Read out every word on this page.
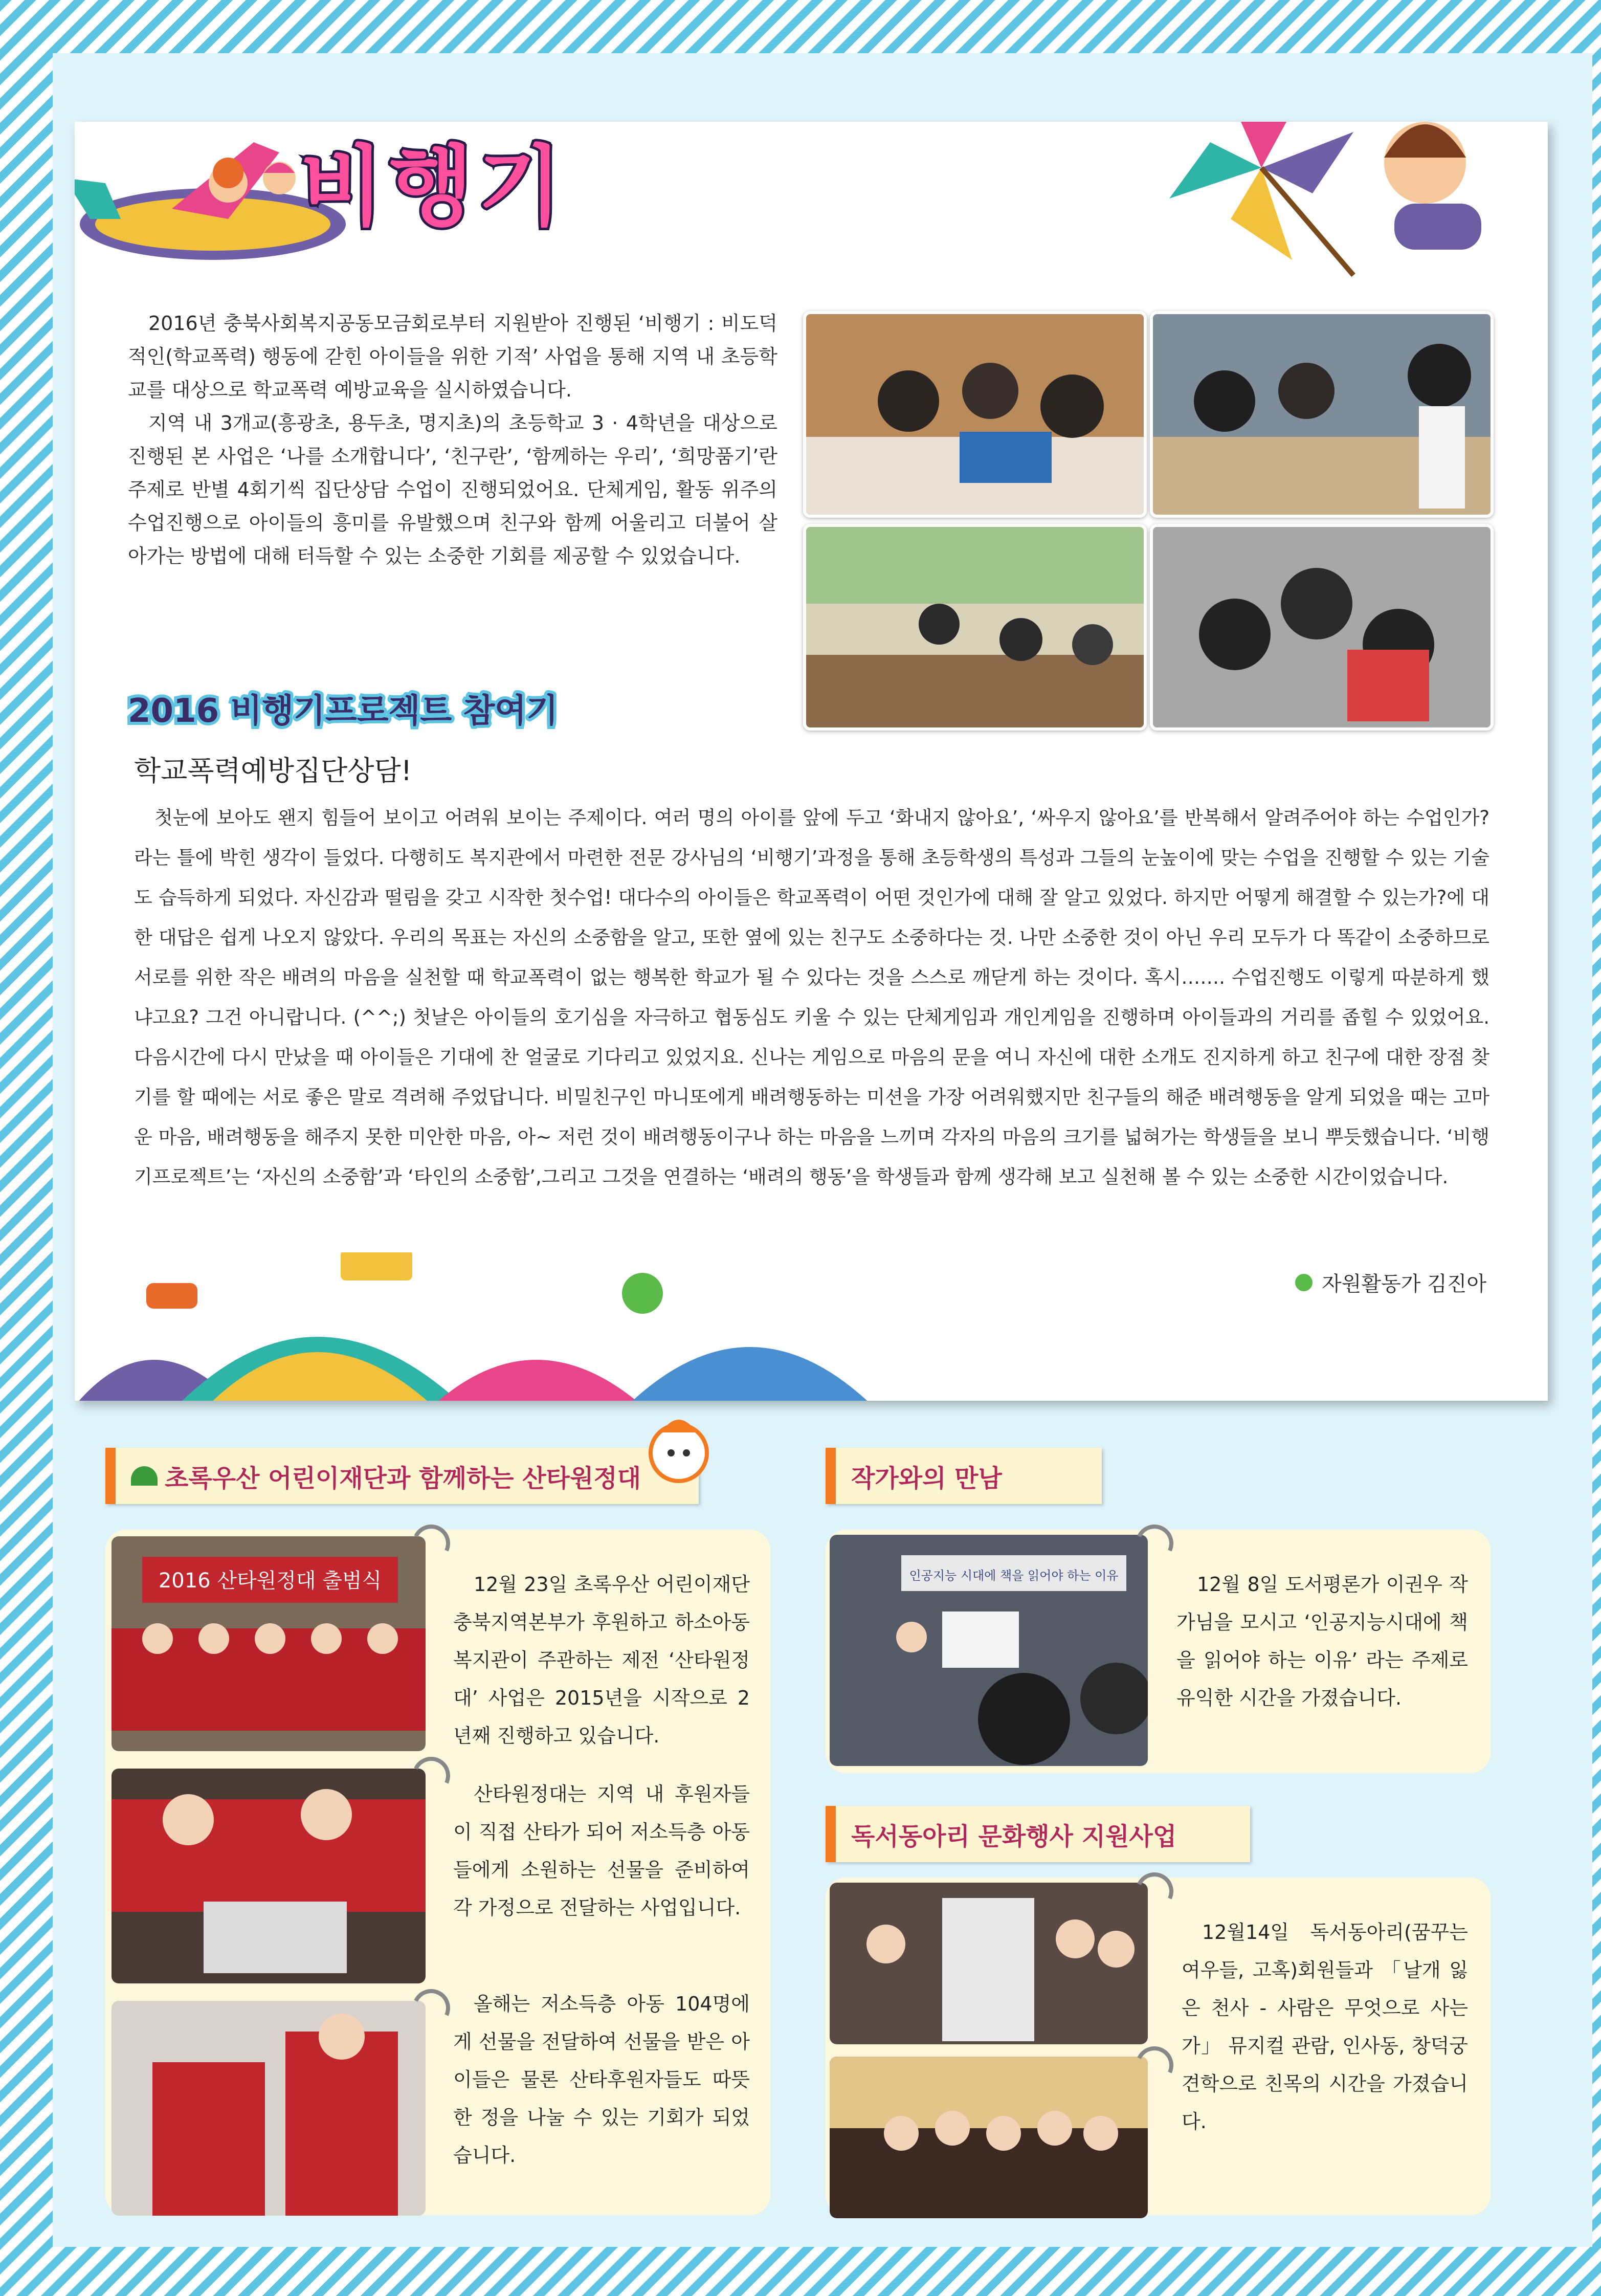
비행기

2016년 충북사회복지공동모금회로부터 지원받아 진행된 ‘비행기 : 비도덕적인(학교폭력) 행동에 갇힌 아이들을 위한 기적’ 사업을 통해 지역 내 초등학교를 대상으로 학교폭력 예방교육을 실시하였습니다.

지역 내 3개교(흥광초, 용두초, 명지초)의 초등학교 3 · 4학년을 대상으로 진행된 본 사업은 ‘나를 소개합니다’, ‘친구란’, ‘함께하는 우리’, ‘희망품기’란 주제로 반별 4회기씩 집단상담 수업이 진행되었어요. 단체게임, 활동 위주의 수업진행으로 아이들의 흥미를 유발했으며 친구와 함께 어울리고 더불어 살아가는 방법에 대해 터득할 수 있는 소중한 기회를 제공할 수 있었습니다.

2016 비행기프로젝트 참여기
학교폭력예방집단상담!

첫눈에 보아도 왠지 힘들어 보이고 어려워 보이는 주제이다. 여러 명의 아이를 앞에 두고 ‘화내지 않아요’, ‘싸우지 않아요’를 반복해서 알려주어야 하는 수업인가? 라는 틀에 박힌 생각이 들었다. 다행히도 복지관에서 마련한 전문 강사님의 ‘비행기’과정을 통해 초등학생의 특성과 그들의 눈높이에 맞는 수업을 진행할 수 있는 기술도 습득하게 되었다. 자신감과 떨림을 갖고 시작한 첫수업! 대다수의 아이들은 학교폭력이 어떤 것인가에 대해 잘 알고 있었다. 하지만 어떻게 해결할 수 있는가?에 대한 대답은 쉽게 나오지 않았다. 우리의 목표는 자신의 소중함을 알고, 또한 옆에 있는 친구도 소중하다는 것. 나만 소중한 것이 아닌 우리 모두가 다 똑같이 소중하므로 서로를 위한 작은 배려의 마음을 실천할 때 학교폭력이 없는 행복한 학교가 될 수 있다는 것을 스스로 깨닫게 하는 것이다. 혹시……. 수업진행도 이렇게 따분하게 했냐고요? 그건 아니랍니다. (^^;) 첫날은 아이들의 호기심을 자극하고 협동심도 키울 수 있는 단체게임과 개인게임을 진행하며 아이들과의 거리를 좁힐 수 있었어요. 다음시간에 다시 만났을 때 아이들은 기대에 찬 얼굴로 기다리고 있었지요. 신나는 게임으로 마음의 문을 여니 자신에 대한 소개도 진지하게 하고 친구에 대한 장점 찾기를 할 때에는 서로 좋은 말로 격려해 주었답니다. 비밀친구인 마니또에게 배려행동하는 미션을 가장 어려워했지만 친구들의 해준 배려행동을 알게 되었을 때는 고마운 마음, 배려행동을 해주지 못한 미안한 마음, 아~ 저런 것이 배려행동이구나 하는 마음을 느끼며 각자의 마음의 크기를 넓혀가는 학생들을 보니 뿌듯했습니다. ‘비행기프로젝트’는 ‘자신의 소중함’과 ‘타인의 소중함’,그리고 그것을 연결하는 ‘배려의 행동’을 학생들과 함께 생각해 보고 실천해 볼 수 있는 소중한 시간이었습니다.

자원활동가 김진아
초록우산 어린이재단과 함께하는 산타원정대
2016 산타원정대 출범식	12월 23일 초록우산 어린이재단 충북지역본부가 후원하고 하소아동복지관이 주관하는 제전 ‘산타원정대’ 사업은 2015년을 시작으로 2년째 진행하고 있습니다.

산타원정대는 지역 내 후원자들이 직접 산타가 되어 저소득층 아동들에게 소원하는 선물을 준비하여 각 가정으로 전달하는 사업입니다.

올해는 저소득층 아동 104명에게 선물을 전달하여 선물을 받은 아이들은 물론 산타후원자들도 따뜻한 정을 나눌 수 있는 기회가 되었습니다.

작가와의 만남
인공지능 시대에 책을 읽어야 하는 이유	12월 8일 도서평론가 이권우 작가님을 모시고 ‘인공지능시대에 책을 읽어야 하는 이유’ 라는 주제로 유익한 시간을 가졌습니다.

독서동아리 문화행사 지원사업

12월14일 독서동아리(꿈꾸는 여우들, 고혹)회원들과 「날개 잃은 천사 - 사람은 무엇으로 사는가」 뮤지컬 관람, 인사동, 창덕궁 견학으로 친목의 시간을 가졌습니다.
